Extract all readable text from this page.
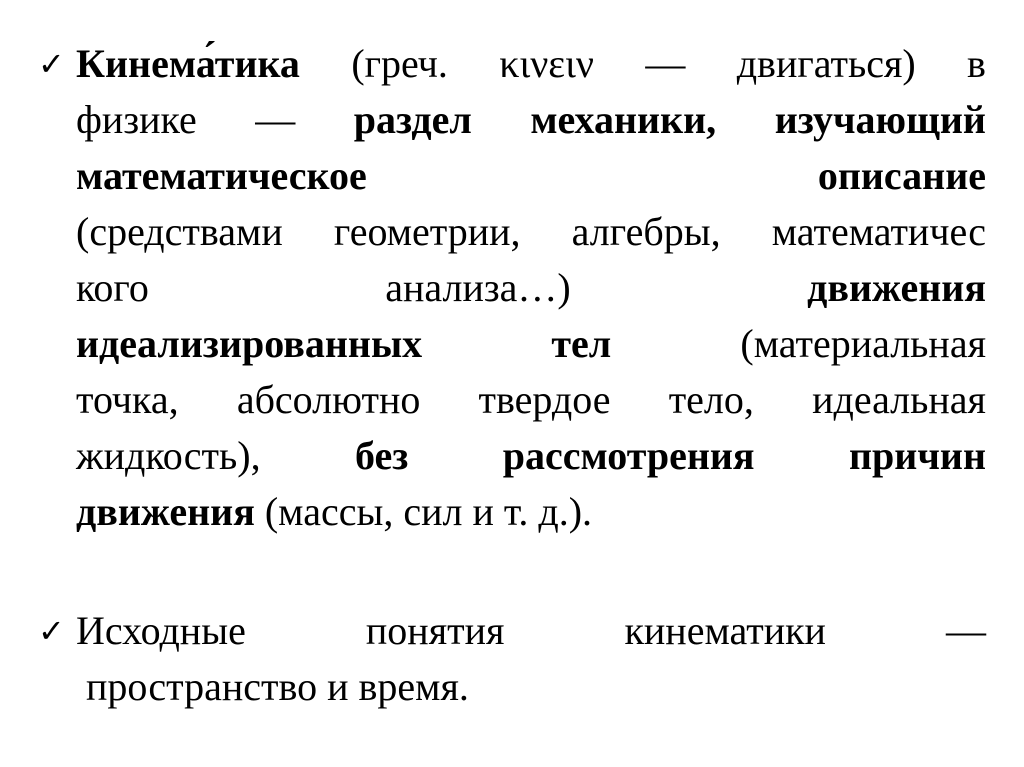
✓ Кинема́тика (греч. κινειν — двигаться) в
физике — раздел механики, изучающий
математическое	описание
(средствами геометрии, алгебры, математичес
кого	анализа…)	движения
идеализированных	тел	(материальная
точка, абсолютно твердое тело, идеальная
жидкость), без рассмотрения причин
движения (массы, сил и т. д.).
✓ Исходные	понятия	кинематики	—
пространство и время.
